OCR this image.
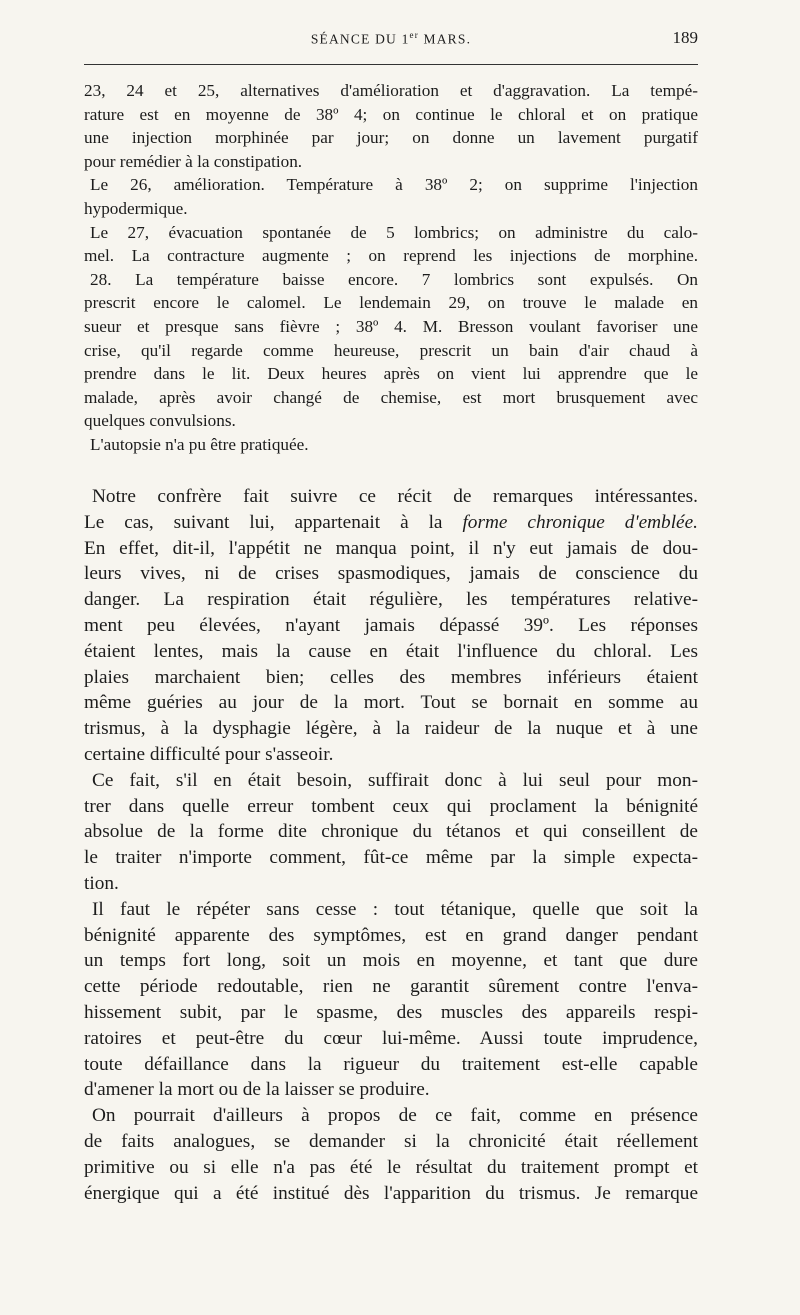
SÉANCE DU 1er MARS.	189
23, 24 et 25, alternatives d'amélioration et d'aggravation. La tempé-
rature est en moyenne de 38º 4; on continue le chloral et on pratique
une injection morphinée par jour; on donne un lavement purgatif
pour remédier à la constipation.
Le 26, amélioration. Température à 38º 2; on supprime l'injection
hypodermique.
Le 27, évacuation spontanée de 5 lombrics; on administre du calo-
mel. La contracture augmente ; on reprend les injections de morphine.
28. La température baisse encore. 7 lombrics sont expulsés. On
prescrit encore le calomel. Le lendemain 29, on trouve le malade en
sueur et presque sans fièvre ; 38º 4. M. Bresson voulant favoriser une
crise, qu'il regarde comme heureuse, prescrit un bain d'air chaud à
prendre dans le lit. Deux heures après on vient lui apprendre que le
malade, après avoir changé de chemise, est mort brusquement avec
quelques convulsions.
L'autopsie n'a pu être pratiquée.
Notre confrère fait suivre ce récit de remarques intéressantes.
Le cas, suivant lui, appartenait à la forme chronique d'emblée.
En effet, dit-il, l'appétit ne manqua point, il n'y eut jamais de dou-
leurs vives, ni de crises spasmodiques, jamais de conscience du
danger. La respiration était régulière, les températures relative-
ment peu élevées, n'ayant jamais dépassé 39º. Les réponses
étaient lentes, mais la cause en était l'influence du chloral. Les
plaies marchaient bien; celles des membres inférieurs étaient
même guéries au jour de la mort. Tout se bornait en somme au
trismus, à la dysphagie légère, à la raideur de la nuque et à une
certaine difficulté pour s'asseoir.
Ce fait, s'il en était besoin, suffirait donc à lui seul pour mon-
trer dans quelle erreur tombent ceux qui proclament la bénignité
absolue de la forme dite chronique du tétanos et qui conseillent de
le traiter n'importe comment, fût-ce même par la simple expecta-
tion.
Il faut le répéter sans cesse : tout tétanique, quelle que soit la
bénignité apparente des symptômes, est en grand danger pendant
un temps fort long, soit un mois en moyenne, et tant que dure
cette période redoutable, rien ne garantit sûrement contre l'enva-
hissement subit, par le spasme, des muscles des appareils respi-
ratoires et peut-être du cœur lui-même. Aussi toute imprudence,
toute défaillance dans la rigueur du traitement est-elle capable
d'amener la mort ou de la laisser se produire.
On pourrait d'ailleurs à propos de ce fait, comme en présence
de faits analogues, se demander si la chronicité était réellement
primitive ou si elle n'a pas été le résultat du traitement prompt et
énergique qui a été institué dès l'apparition du trismus. Je remarque
